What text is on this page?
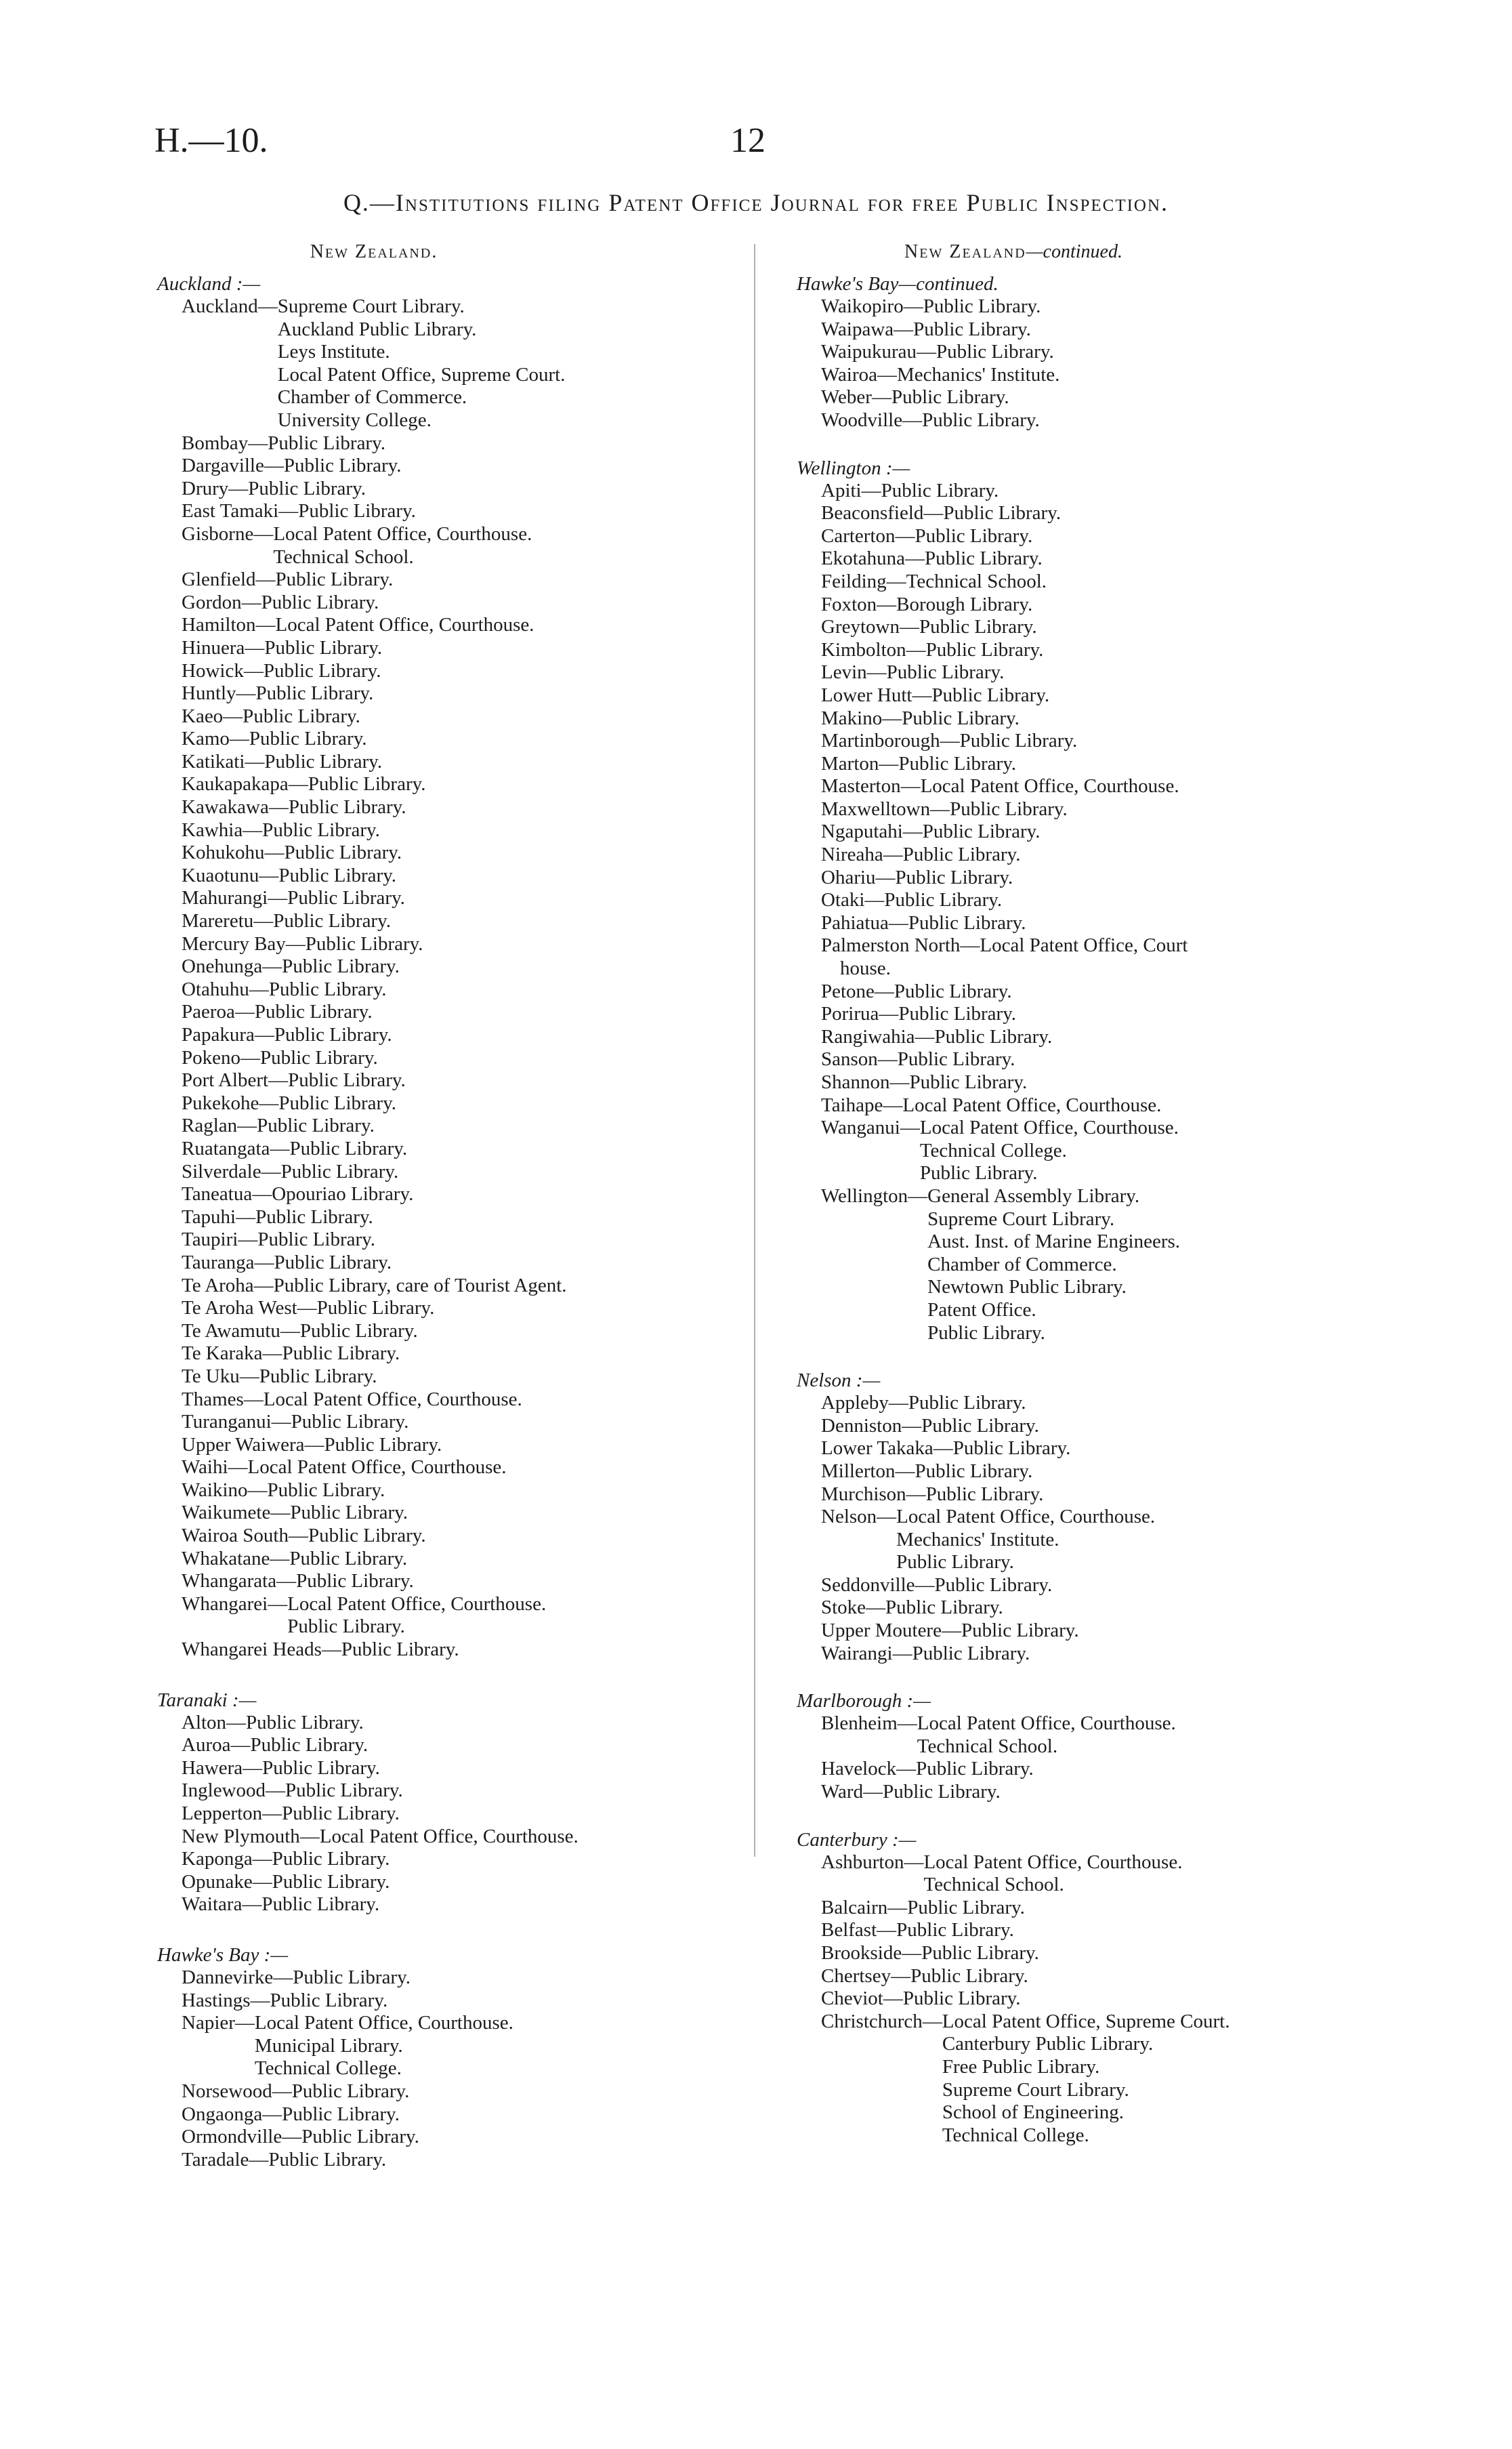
H.—10.	12
Q.—Institutions filing Patent Office Journal for free Public Inspection.
New Zealand.
Auckland :—
Auckland—Supreme Court Library.
Auckland Public Library.
Leys Institute.
Local Patent Office, Supreme Court.
Chamber of Commerce.
University College.
Bombay—Public Library.
Dargaville—Public Library.
Drury—Public Library.
East Tamaki—Public Library.
Gisborne—Local Patent Office, Courthouse.
Technical School.
Glenfield—Public Library.
Gordon—Public Library.
Hamilton—Local Patent Office, Courthouse.
Hinuera—Public Library.
Howick—Public Library.
Huntly—Public Library.
Kaeo—Public Library.
Kamo—Public Library.
Katikati—Public Library.
Kaukapakapa—Public Library.
Kawakawa—Public Library.
Kawhia—Public Library.
Kohukohu—Public Library.
Kuaotunu—Public Library.
Mahurangi—Public Library.
Mareretu—Public Library.
Mercury Bay—Public Library.
Onehunga—Public Library.
Otahuhu—Public Library.
Paeroa—Public Library.
Papakura—Public Library.
Pokeno—Public Library.
Port Albert—Public Library.
Pukekohe—Public Library.
Raglan—Public Library.
Ruatangata—Public Library.
Silverdale—Public Library.
Taneatua—Opouriao Library.
Tapuhi—Public Library.
Taupiri—Public Library.
Tauranga—Public Library.
Te Aroha—Public Library, care of Tourist Agent.
Te Aroha West—Public Library.
Te Awamutu—Public Library.
Te Karaka—Public Library.
Te Uku—Public Library.
Thames—Local Patent Office, Courthouse.
Turanganui—Public Library.
Upper Waiwera—Public Library.
Waihi—Local Patent Office, Courthouse.
Waikino—Public Library.
Waikumete—Public Library.
Wairoa South—Public Library.
Whakatane—Public Library.
Whangarata—Public Library.
Whangarei—Local Patent Office, Courthouse.
Public Library.
Whangarei Heads—Public Library.
Taranaki :—
Alton—Public Library.
Auroa—Public Library.
Hawera—Public Library.
Inglewood—Public Library.
Lepperton—Public Library.
New Plymouth—Local Patent Office, Courthouse.
Kaponga—Public Library.
Opunake—Public Library.
Waitara—Public Library.
Hawke's Bay :—
Dannevirke—Public Library.
Hastings—Public Library.
Napier—Local Patent Office, Courthouse.
Municipal Library.
Technical College.
Norsewood—Public Library.
Ongaonga—Public Library.
Ormondville—Public Library.
Taradale—Public Library.
New Zealand—continued.
Hawke's Bay—continued.
Waikopiro—Public Library.
Waipawa—Public Library.
Waipukurau—Public Library.
Wairoa—Mechanics' Institute.
Weber—Public Library.
Woodville—Public Library.
Wellington :—
Apiti—Public Library.
Beaconsfield—Public Library.
Carterton—Public Library.
Ekotahuna—Public Library.
Feilding—Technical School.
Foxton—Borough Library.
Greytown—Public Library.
Kimbolton—Public Library.
Levin—Public Library.
Lower Hutt—Public Library.
Makino—Public Library.
Martinborough—Public Library.
Marton—Public Library.
Masterton—Local Patent Office, Courthouse.
Maxwelltown—Public Library.
Ngaputahi—Public Library.
Nireaha—Public Library.
Ohariu—Public Library.
Otaki—Public Library.
Pahiatua—Public Library.
Palmerston North—Local Patent Office, Court
house.
Petone—Public Library.
Porirua—Public Library.
Rangiwahia—Public Library.
Sanson—Public Library.
Shannon—Public Library.
Taihape—Local Patent Office, Courthouse.
Wanganui—Local Patent Office, Courthouse.
Technical College.
Public Library.
Wellington—General Assembly Library.
Supreme Court Library.
Aust. Inst. of Marine Engineers.
Chamber of Commerce.
Newtown Public Library.
Patent Office.
Public Library.
Nelson :—
Appleby—Public Library.
Denniston—Public Library.
Lower Takaka—Public Library.
Millerton—Public Library.
Murchison—Public Library.
Nelson—Local Patent Office, Courthouse.
Mechanics' Institute.
Public Library.
Seddonville—Public Library.
Stoke—Public Library.
Upper Moutere—Public Library.
Wairangi—Public Library.
Marlborough :—
Blenheim—Local Patent Office, Courthouse.
Technical School.
Havelock—Public Library.
Ward—Public Library.
Canterbury :—
Ashburton—Local Patent Office, Courthouse.
Technical School.
Balcairn—Public Library.
Belfast—Public Library.
Brookside—Public Library.
Chertsey—Public Library.
Cheviot—Public Library.
Christchurch—Local Patent Office, Supreme Court.
Canterbury Public Library.
Free Public Library.
Supreme Court Library.
School of Engineering.
Technical College.
